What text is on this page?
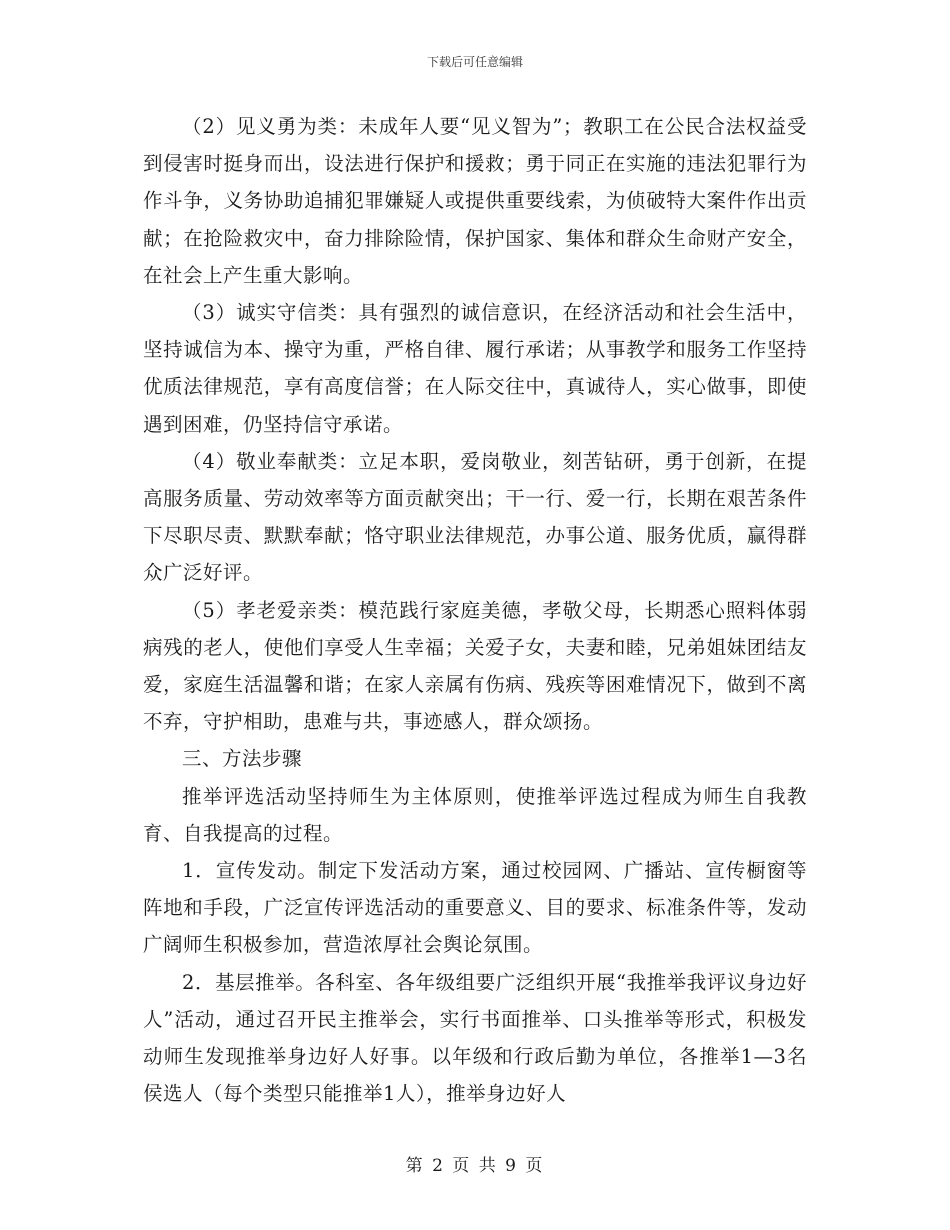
下载后可任意编辑

（2）见义勇为类：未成年人要“见义智为”；教职工在公民合法权益受到侵害时挺身而出，设法进行保护和援救；勇于同正在实施的违法犯罪行为作斗争，义务协助追捕犯罪嫌疑人或提供重要线索，为侦破特大案件作出贡献；在抢险救灾中，奋力排除险情，保护国家、集体和群众生命财产安全，在社会上产生重大影响。

（3）诚实守信类：具有强烈的诚信意识，在经济活动和社会生活中，坚持诚信为本、操守为重，严格自律、履行承诺；从事教学和服务工作坚持优质法律规范，享有高度信誉；在人际交往中，真诚待人，实心做事，即使遇到困难，仍坚持信守承诺。

（4）敬业奉献类：立足本职，爱岗敬业，刻苦钻研，勇于创新，在提高服务质量、劳动效率等方面贡献突出；干一行、爱一行，长期在艰苦条件下尽职尽责、默默奉献；恪守职业法律规范，办事公道、服务优质，赢得群众广泛好评。

（5）孝老爱亲类：模范践行家庭美德，孝敬父母，长期悉心照料体弱病残的老人，使他们享受人生幸福；关爱子女，夫妻和睦，兄弟姐妹团结友爱，家庭生活温馨和谐；在家人亲属有伤病、残疾等困难情况下，做到不离不弃，守护相助，患难与共，事迹感人，群众颂扬。

三、方法步骤

推举评选活动坚持师生为主体原则，使推举评选过程成为师生自我教育、自我提高的过程。

1．宣传发动。制定下发活动方案，通过校园网、广播站、宣传橱窗等阵地和手段，广泛宣传评选活动的重要意义、目的要求、标准条件等，发动广阔师生积极参加，营造浓厚社会舆论氛围。

2．基层推举。各科室、各年级组要广泛组织开展“我推举我评议身边好人”活动，通过召开民主推举会，实行书面推举、口头推举等形式，积极发动师生发现推举身边好人好事。以年级和行政后勤为单位，各推举1—3名侯选人（每个类型只能推举1人），推举身边好人

第 2 页 共 9 页
